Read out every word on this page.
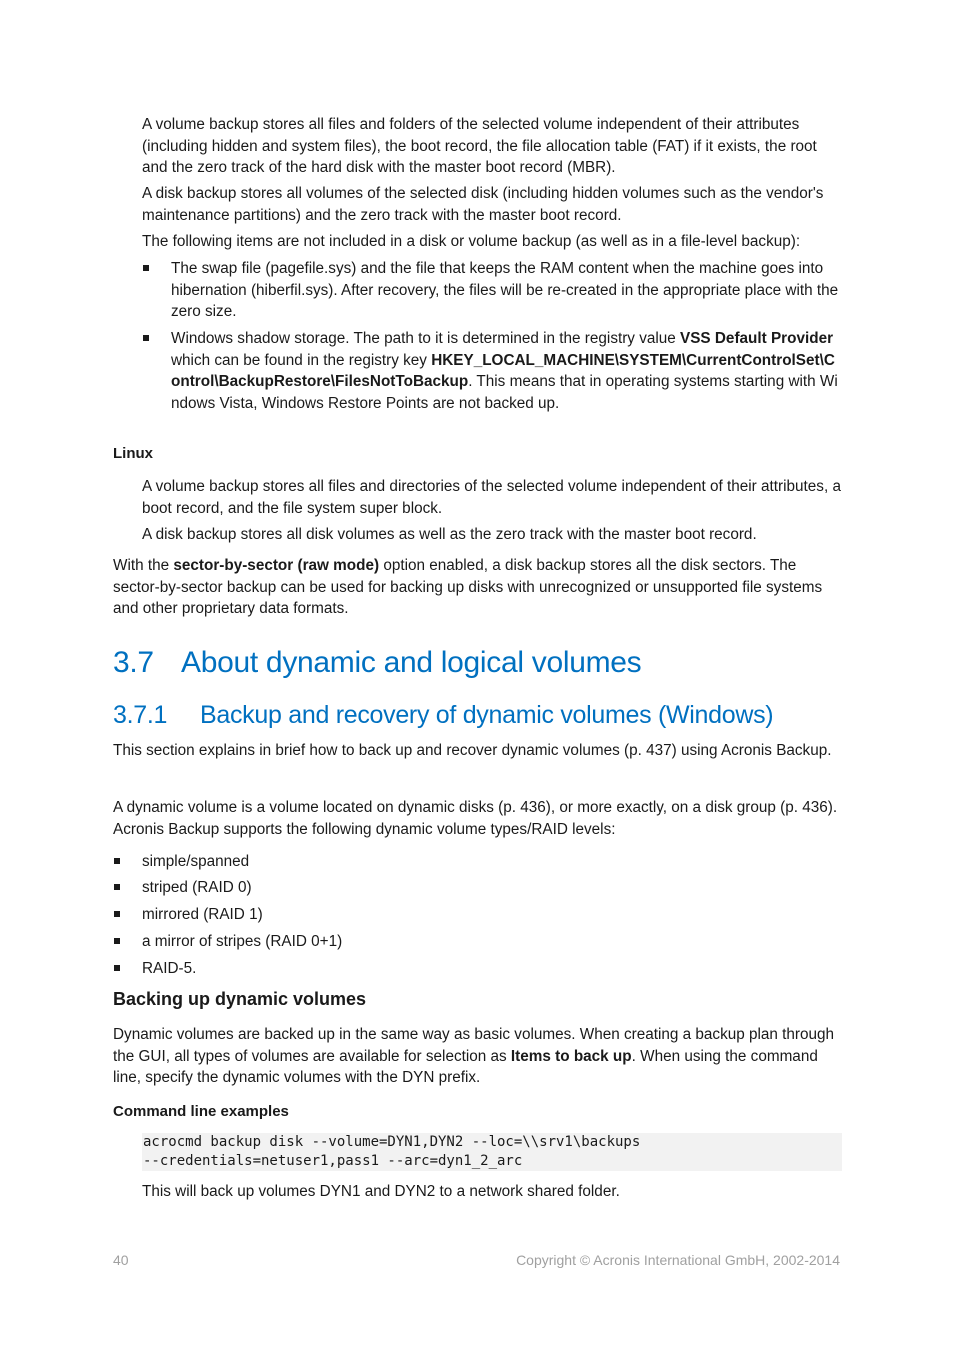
A volume backup stores all files and folders of the selected volume independent of their attributes (including hidden and system files), the boot record, the file allocation table (FAT) if it exists, the root and the zero track of the hard disk with the master boot record (MBR).

A disk backup stores all volumes of the selected disk (including hidden volumes such as the vendor's maintenance partitions) and the zero track with the master boot record.

The following items are not included in a disk or volume backup (as well as in a file-level backup):

The swap file (pagefile.sys) and the file that keeps the RAM content when the machine goes into hibernation (hiberfil.sys). After recovery, the files will be re-created in the appropriate place with the zero size.
Windows shadow storage. The path to it is determined in the registry value VSS Default Provider which can be found in the registry key HKEY_LOCAL_MACHINE\SYSTEM\CurrentControlSet\Control\BackupRestore\FilesNotToBackup. This means that in operating systems starting with Windows Vista, Windows Restore Points are not backed up.
Linux

A volume backup stores all files and directories of the selected volume independent of their attributes, a boot record, and the file system super block.

A disk backup stores all disk volumes as well as the zero track with the master boot record.

With the sector-by-sector (raw mode) option enabled, a disk backup stores all the disk sectors. The sector-by-sector backup can be used for backing up disks with unrecognized or unsupported file systems and other proprietary data formats.

3.7 About dynamic and logical volumes
3.7.1 Backup and recovery of dynamic volumes (Windows)

This section explains in brief how to back up and recover dynamic volumes (p. 437) using Acronis Backup.

A dynamic volume is a volume located on dynamic disks (p. 436), or more exactly, on a disk group (p. 436). Acronis Backup supports the following dynamic volume types/RAID levels:

simple/spanned
striped (RAID 0)
mirrored (RAID 1)
a mirror of stripes (RAID 0+1)
RAID-5.
Backing up dynamic volumes

Dynamic volumes are backed up in the same way as basic volumes. When creating a backup plan through the GUI, all types of volumes are available for selection as Items to back up. When using the command line, specify the dynamic volumes with the DYN prefix.

Command line examples
acrocmd backup disk --volume=DYN1,DYN2 --loc=\\srv1\backups
--credentials=netuser1,pass1 --arc=dyn1_2_arc

This will back up volumes DYN1 and DYN2 to a network shared folder.

40	Copyright © Acronis International GmbH, 2002-2014
